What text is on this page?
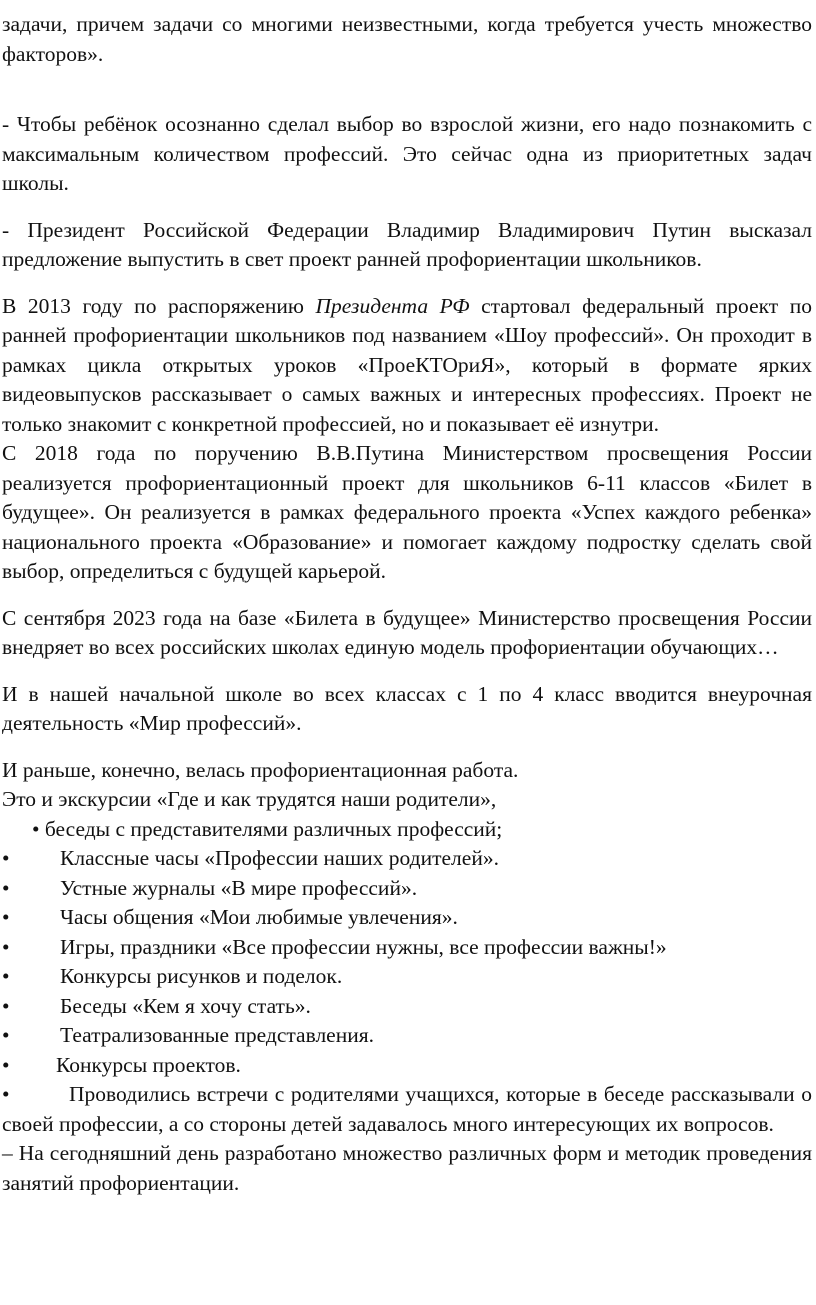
задачи, причем задачи со многими неизвестными, когда требуется учесть множество факторов».

- Чтобы ребёнок осознанно сделал выбор во взрослой жизни, его надо познакомить с максимальным количеством профессий. Это сейчас одна из приоритетных задач школы.

- Президент Российской Федерации Владимир Владимирович Путин высказал предложение выпустить в свет проект ранней профориентации школьников.

В 2013 году по распоряжению Президента РФ стартовал федеральный проект по ранней профориентации школьников под названием «Шоу профессий». Он проходит в рамках цикла открытых уроков «ПроеКТОриЯ», который в формате ярких видеовыпусков рассказывает о самых важных и интересных профессиях. Проект не только знакомит с конкретной профессией, но и показывает её изнутри.

С 2018 года по поручению В.В.Путина Министерством просвещения России реализуется профориентационный проект для школьников 6-11 классов «Билет в будущее». Он реализуется в рамках федерального проекта «Успех каждого ребенка» национального проекта «Образование» и помогает каждому подростку сделать свой выбор, определиться с будущей карьерой.

С сентября 2023 года на базе «Билета в будущее» Министерство просвещения России внедряет во всех российских школах единую модель профориентации обучающих…

И в нашей начальной школе во всех классах с 1 по 4 класс вводится внеурочная деятельность «Мир профессий».

И раньше, конечно, велась профориентационная работа.

Это и экскурсии «Где и как трудятся наши родители»,

• беседы с представителями различных профессий;

•	Классные часы «Профессии наших родителей».
•	Устные журналы «В мире профессий».
•	Часы общения «Мои любимые увлечения».
•	Игры, праздники «Все профессии нужны, все профессии важны!»
•	Конкурсы рисунков и поделок.
•	Беседы «Кем я хочу стать».
•	Театрализованные представления.
•	Конкурсы проектов.

•	Проводились встречи с родителями учащихся, которые в беседе рассказывали о своей профессии, а со стороны детей задавалось много интересующих их вопросов.

– На сегодняшний день разработано множество различных форм и методик проведения занятий профориентации.
